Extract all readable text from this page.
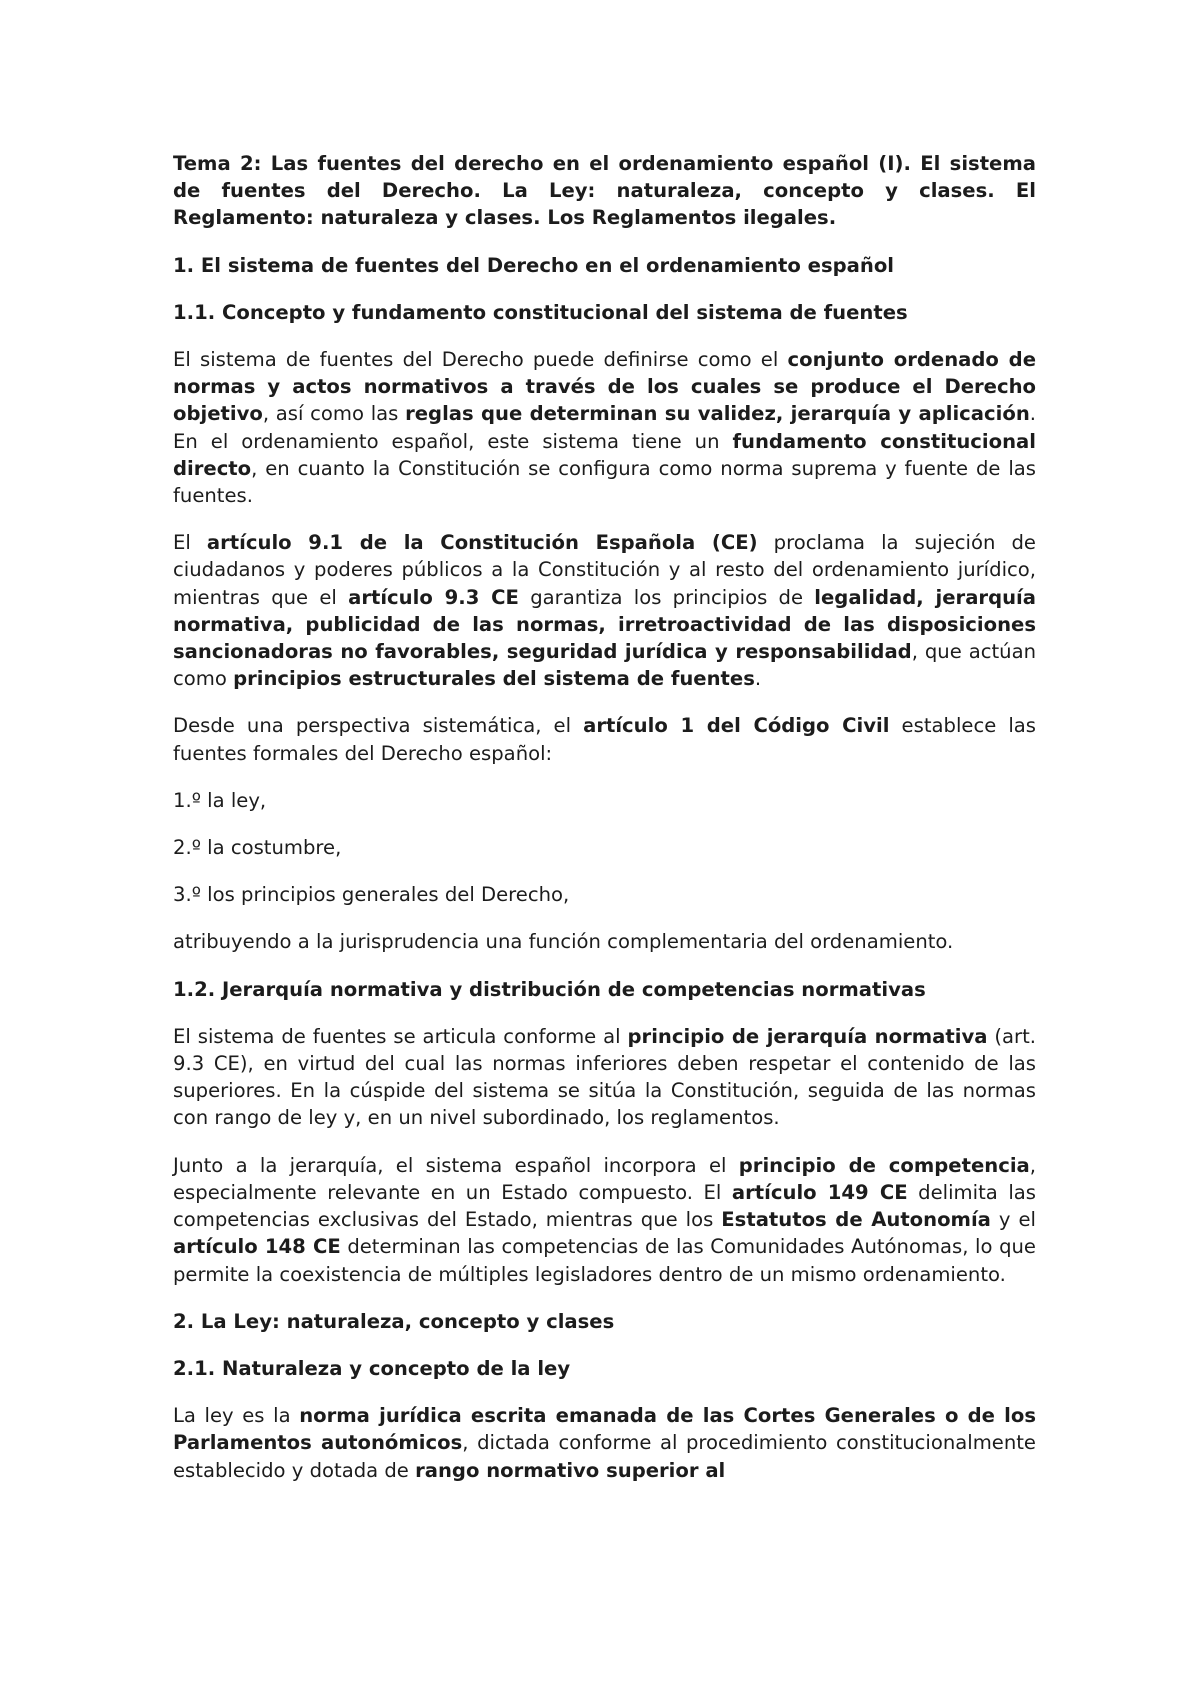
Tema 2: Las fuentes del derecho en el ordenamiento español (I). El sistema de fuentes del Derecho. La Ley: naturaleza, concepto y clases. El Reglamento: naturaleza y clases. Los Reglamentos ilegales.

1. El sistema de fuentes del Derecho en el ordenamiento español

1.1. Concepto y fundamento constitucional del sistema de fuentes

El sistema de fuentes del Derecho puede definirse como el conjunto ordenado de normas y actos normativos a través de los cuales se produce el Derecho objetivo, así como las reglas que determinan su validez, jerarquía y aplicación. En el ordenamiento español, este sistema tiene un fundamento constitucional directo, en cuanto la Constitución se configura como norma suprema y fuente de las fuentes.

El artículo 9.1 de la Constitución Española (CE) proclama la sujeción de ciudadanos y poderes públicos a la Constitución y al resto del ordenamiento jurídico, mientras que el artículo 9.3 CE garantiza los principios de legalidad, jerarquía normativa, publicidad de las normas, irretroactividad de las disposiciones sancionadoras no favorables, seguridad jurídica y responsabilidad, que actúan como principios estructurales del sistema de fuentes.

Desde una perspectiva sistemática, el artículo 1 del Código Civil establece las fuentes formales del Derecho español:

1.º la ley,

2.º la costumbre,

3.º los principios generales del Derecho,

atribuyendo a la jurisprudencia una función complementaria del ordenamiento.

1.2. Jerarquía normativa y distribución de competencias normativas

El sistema de fuentes se articula conforme al principio de jerarquía normativa (art. 9.3 CE), en virtud del cual las normas inferiores deben respetar el contenido de las superiores. En la cúspide del sistema se sitúa la Constitución, seguida de las normas con rango de ley y, en un nivel subordinado, los reglamentos.

Junto a la jerarquía, el sistema español incorpora el principio de competencia, especialmente relevante en un Estado compuesto. El artículo 149 CE delimita las competencias exclusivas del Estado, mientras que los Estatutos de Autonomía y el artículo 148 CE determinan las competencias de las Comunidades Autónomas, lo que permite la coexistencia de múltiples legisladores dentro de un mismo ordenamiento.

2. La Ley: naturaleza, concepto y clases

2.1. Naturaleza y concepto de la ley

La ley es la norma jurídica escrita emanada de las Cortes Generales o de los Parlamentos autonómicos, dictada conforme al procedimiento constitucionalmente establecido y dotada de rango normativo superior al
